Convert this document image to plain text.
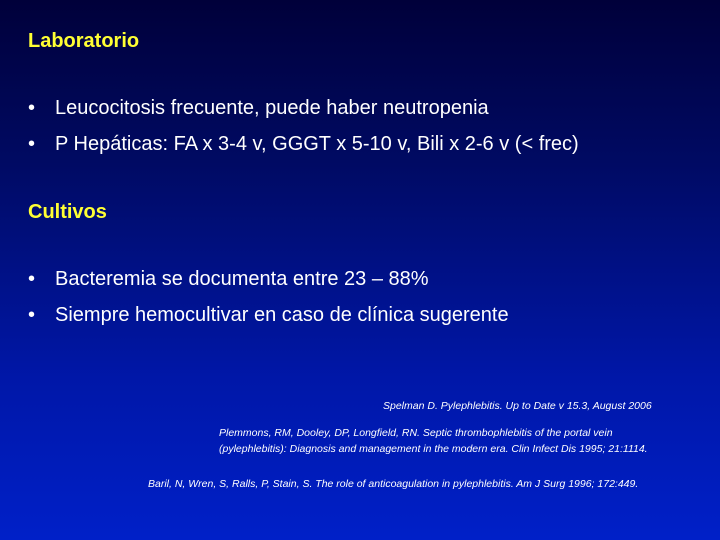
Laboratorio
• Leucocitosis frecuente, puede haber neutropenia
• P Hepáticas: FA x 3-4 v, GGGT x 5-10 v, Bili x 2-6 v (< frec)
Cultivos
• Bacteremia se documenta entre 23 – 88%
• Siempre hemocultivar en caso de clínica sugerente

Spelman D. Pylephlebitis. Up to Date v 15.3, August 2006

Plemmons, RM, Dooley, DP, Longfield, RN. Septic thrombophlebitis of the portal vein

(pylephlebitis): Diagnosis and management in the modern era. Clin Infect Dis 1995; 21:1114.

Baril, N, Wren, S, Ralls, P, Stain, S. The role of anticoagulation in pylephlebitis. Am J Surg 1996; 172:449.
